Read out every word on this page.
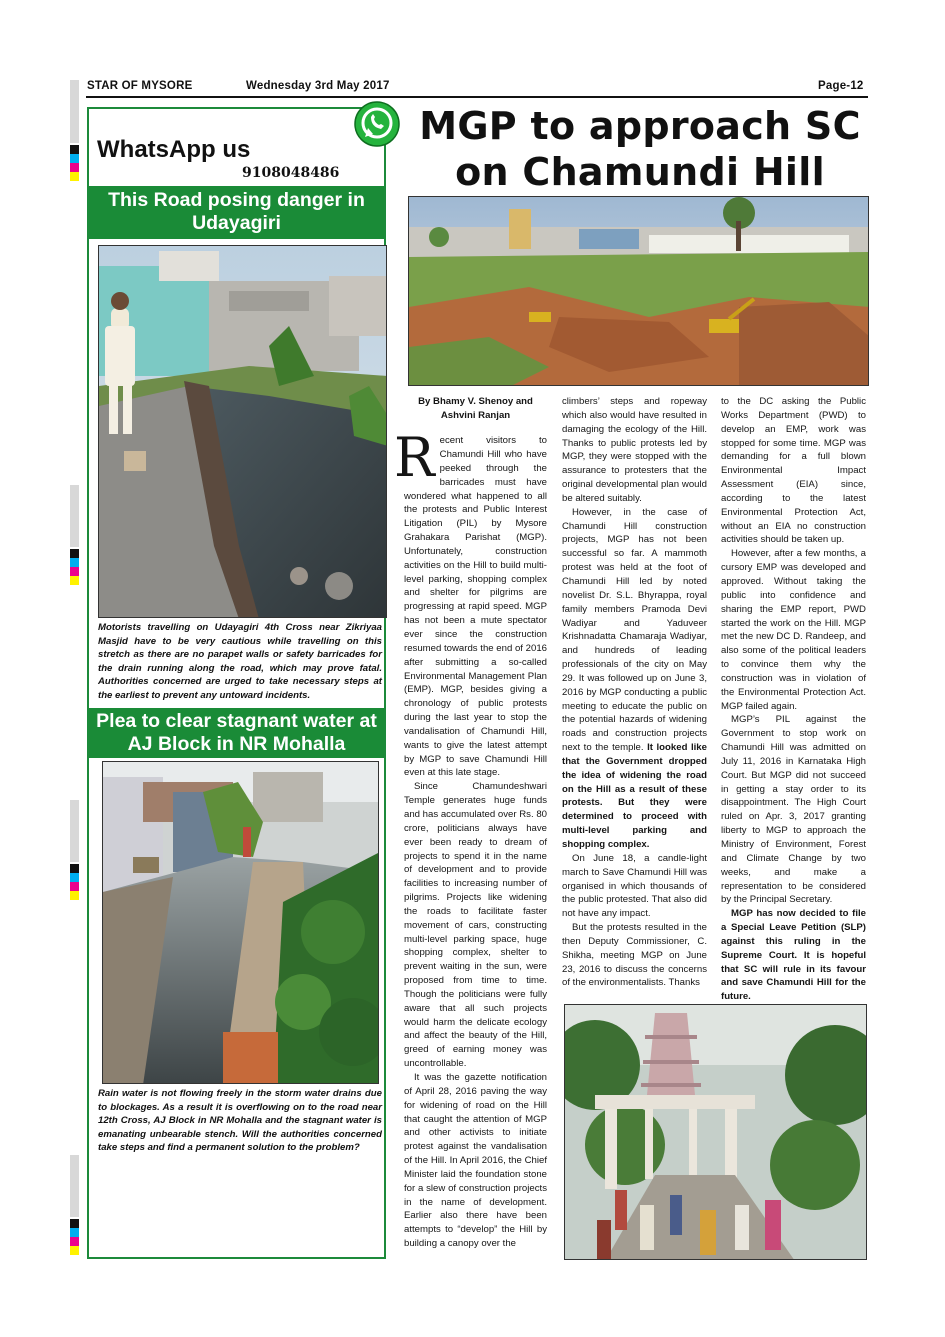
STAR OF MYSORE	Wednesday 3rd May 2017	Page-12
WhatsApp us
9108048486
This Road posing danger in Udayagiri
Motorists travelling on Udayagiri 4th Cross near Zikriyaa Masjid have to be very cautious while travelling on this stretch as there are no parapet walls or safety barricades for the drain running along the road, which may prove fatal. Authorities concerned are urged to take necessary steps at the earliest to prevent any untoward incidents.
Plea to clear stagnant water at AJ Block in NR Mohalla
Rain water is not flowing freely in the storm water drains due to blockages. As a result it is overflowing on to the road near 12th Cross, AJ Block in NR Mohalla and the stagnant water is emanating unbearable stench. Will the authorities concerned take steps and find a permanent solution to the problem?
MGP to approach SC
on Chamundi Hill
By Bhamy V. Shenoy and Ashvini Ranjan

Recent visitors to Chamundi Hill who have peeked through the barricades must have wondered what happened to all the protests and Public Interest Litigation (PIL) by Mysore Grahakara Parishat (MGP). Unfortunately, construction activities on the Hill to build multi-level parking, shopping complex and shelter for pilgrims are progressing at rapid speed. MGP has not been a mute spectator ever since the construction resumed towards the end of 2016 after submitting a so-called Environmental Management Plan (EMP). MGP, besides giving a chronology of public protests during the last year to stop the vandalisation of Chamundi Hill, wants to give the latest attempt by MGP to save Chamundi Hill even at this late stage.

Since Chamundeshwari Temple generates huge funds and has accumulated over Rs. 80 crore, politicians always have ever been ready to dream of projects to spend it in the name of development and to provide facilities to increasing number of pilgrims. Projects like widening the roads to facilitate faster movement of cars, constructing multi-level parking space, huge shopping complex, shelter to prevent waiting in the sun, were proposed from time to time. Though the politicians were fully aware that all such projects would harm the delicate ecology and affect the beauty of the Hill, greed of earning money was uncontrollable.

It was the gazette notification of April 28, 2016 paving the way for widening of road on the Hill that caught the attention of MGP and other activists to initiate protest against the vandalisation of the Hill. In April 2016, the Chief Minister laid the foundation stone for a slew of construction projects in the name of development. Earlier also there have been attempts to “develop” the Hill by building a canopy over the

climbers’ steps and ropeway which also would have resulted in damaging the ecology of the Hill. Thanks to public protests led by MGP, they were stopped with the assurance to protesters that the original developmental plan would be altered suitably.

However, in the case of Chamundi Hill construction projects, MGP has not been successful so far. A mammoth protest was held at the foot of Chamundi Hill led by noted novelist Dr. S.L. Bhyrappa, royal family members Pramoda Devi Wadiyar and Yaduveer Krishnadatta Chamaraja Wadiyar, and hundreds of leading professionals of the city on May 29. It was followed up on June 3, 2016 by MGP conducting a public meeting to educate the public on the potential hazards of widening roads and construction projects next to the temple. It looked like that the Government dropped the idea of widening the road on the Hill as a result of these protests. But they were determined to proceed with multi-level parking and shopping complex.

On June 18, a candle-light march to Save Chamundi Hill was organised in which thousands of the public protested. That also did not have any impact.

But the protests resulted in the then Deputy Commissioner, C. Shikha, meeting MGP on June 23, 2016 to discuss the concerns of the environmentalists. Thanks

to the DC asking the Public Works Department (PWD) to develop an EMP, work was stopped for some time. MGP was demanding for a full blown Environmental Impact Assessment (EIA) since, according to the latest Environmental Protection Act, without an EIA no construction activities should be taken up.

However, after a few months, a cursory EMP was developed and approved. Without taking the public into confidence and sharing the EMP report, PWD started the work on the Hill. MGP met the new DC D. Randeep, and also some of the political leaders to convince them why the construction was in violation of the Environmental Protection Act. MGP failed again.

MGP’s PIL against the Government to stop work on Chamundi Hill was admitted on July 11, 2016 in Karnataka High Court. But MGP did not succeed in getting a stay order to its disappointment. The High Court ruled on Apr. 3, 2017 granting liberty to MGP to approach the Ministry of Environment, Forest and Climate Change by two weeks, and make a representation to be considered by the Principal Secretary.

MGP has now decided to file a Special Leave Petition (SLP) against this ruling in the Supreme Court. It is hopeful that SC will rule in its favour and save Chamundi Hill for the future.
